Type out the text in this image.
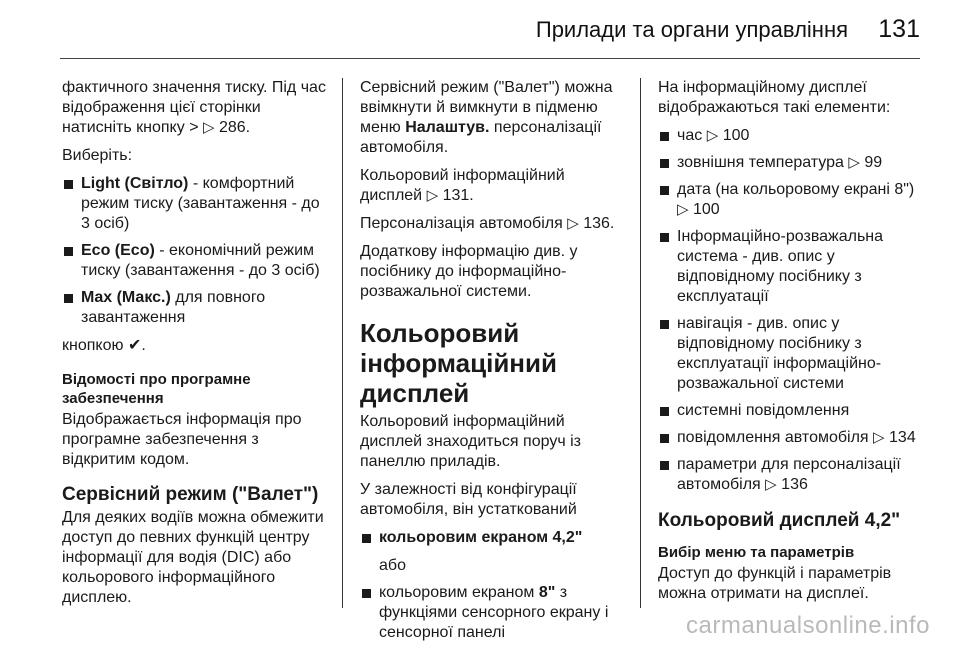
Прилади та органи управління 131

фактичного значення тиску. Під час відображення цієї сторінки натисніть кнопку > ▷ 286.

Виберіть:

Light (Світло) - комфортний режим тиску (завантаження - до 3 осіб)
Eco (Eco) - економічний режим тиску (завантаження - до 3 осіб)
Max (Макс.) для повного завантаження

кнопкою ✔.

Відомості про програмне забезпечення

Відображається інформація про програмне забезпечення з відкритим кодом.

Сервісний режим ("Валет")

Для деяких водіїв можна обмежити доступ до певних функцій центру інформації для водія (DIC) або кольорового інформаційного дисплею.

Сервісний режим ("Валет") можна ввімкнути й вимкнути в підменю меню Налаштув. персоналізації автомобіля.

Кольоровий інформаційний дисплей ▷ 131.

Персоналізація автомобіля ▷ 136.

Додаткову інформацію див. у посібнику до інформаційно-розважальної системи.

Кольоровий інформаційний дисплей

Кольоровий інформаційний дисплей знаходиться поруч із панеллю приладів.

У залежності від конфігурації автомобіля, він устаткований

кольоровим екраном 4,2"
або
кольоровим екраном 8" з функціями сенсорного екрану і сенсорної панелі

На інформаційному дисплеї відображаються такі елементи:

час ▷ 100
зовнішня температура ▷ 99
дата (на кольоровому екрані 8")
▷ 100
Інформаційно-розважальна система - див. опис у відповідному посібнику з експлуатації
навігація - див. опис у відповідному посібнику з експлуатації інформаційно-розважальної системи
системні повідомлення
повідомлення автомобіля ▷ 134
параметри для персоналізації автомобіля ▷ 136
Кольоровий дисплей 4,2"
Вибір меню та параметрів

Доступ до функцій і параметрів можна отримати на дисплеї.

carmanualsonline.info
